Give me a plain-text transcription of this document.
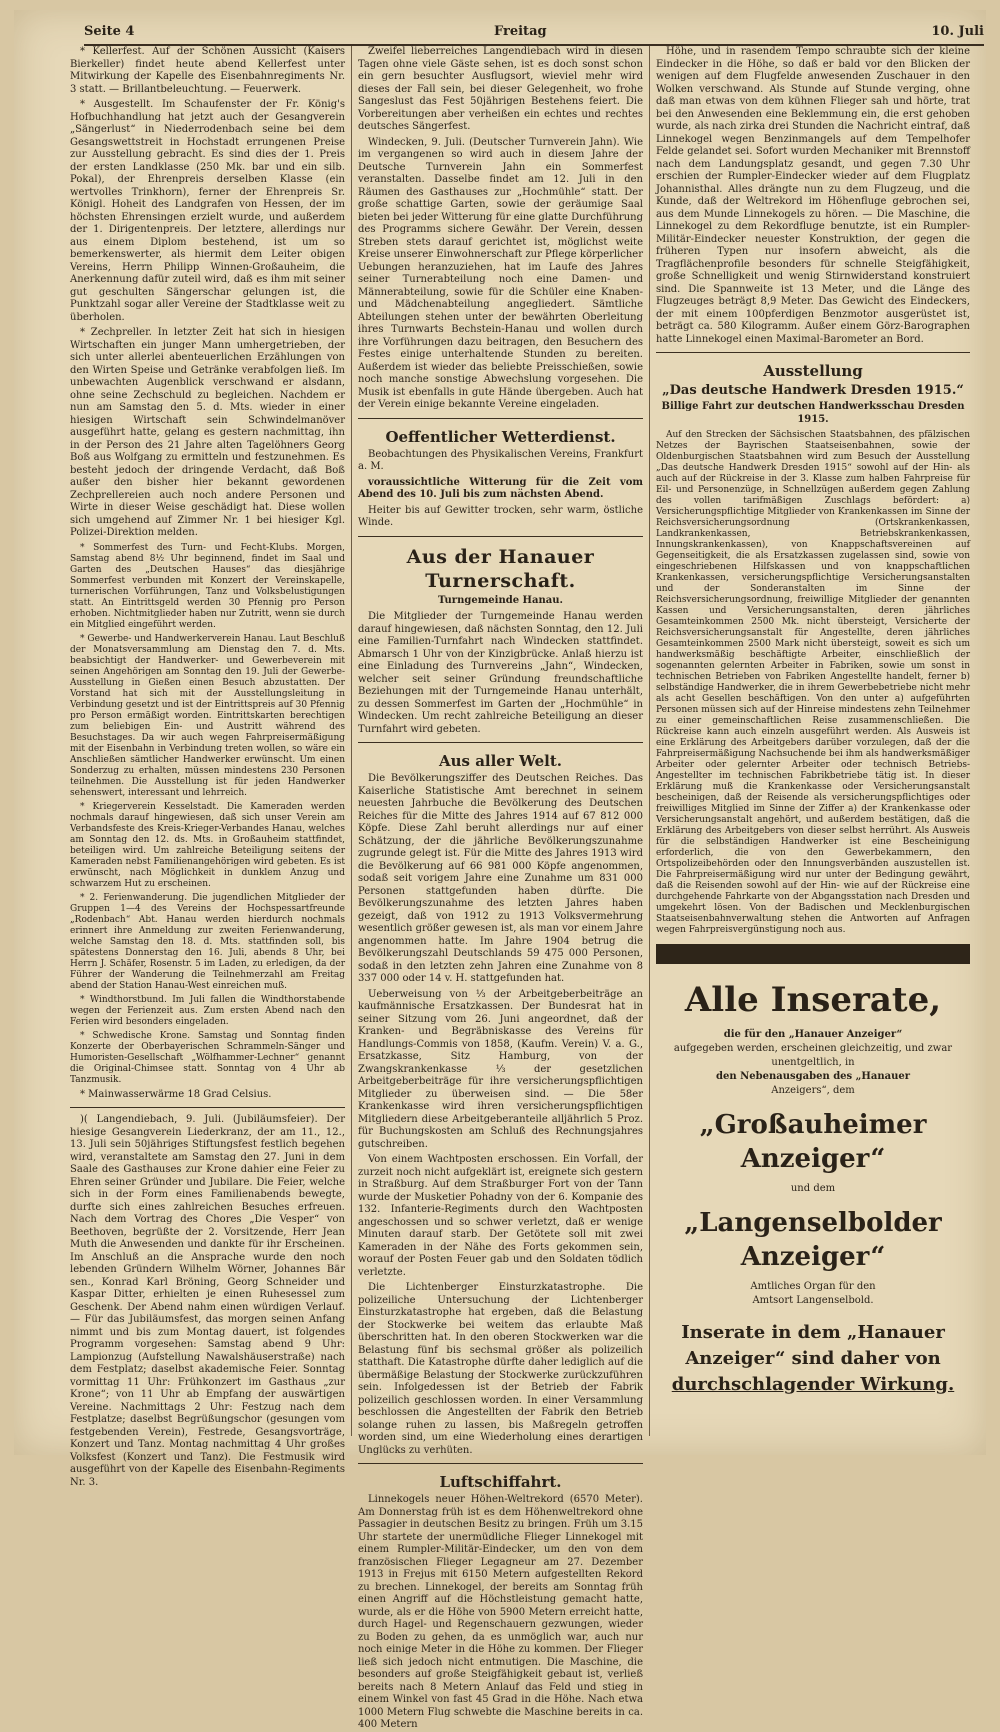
Seite 4	Freitag	10. Juli

* Kellerfest. Auf der Schönen Aussicht (Kaisers Bierkeller) findet heute abend Kellerfest unter Mitwirkung der Kapelle des Eisenbahnregiments Nr. 3 statt. — Brillantbeleuchtung. — Feuerwerk.

* Ausgestellt. Im Schaufenster der Fr. König's Hofbuchhandlung hat jetzt auch der Gesangverein „Sängerlust“ in Niederrodenbach seine bei dem Gesangswettstreit in Hochstadt errungenen Preise zur Ausstellung gebracht. Es sind dies der 1. Preis der ersten Landklasse (250 Mk. bar und ein silb. Pokal), der Ehrenpreis derselben Klasse (ein wertvolles Trinkhorn), ferner der Ehrenpreis Sr. Königl. Hoheit des Landgrafen von Hessen, der im höchsten Ehrensingen erzielt wurde, und außerdem der 1. Dirigentenpreis. Der letztere, allerdings nur aus einem Diplom bestehend, ist um so bemerkenswerter, als hiermit dem Leiter obigen Vereins, Herrn Philipp Winnen-Großauheim, die Anerkennung dafür zuteil wird, daß es ihm mit seiner gut geschulten Sängerschar gelungen ist, die Punktzahl sogar aller Vereine der Stadtklasse weit zu überholen.

* Zechpreller. In letzter Zeit hat sich in hiesigen Wirtschaften ein junger Mann umhergetrieben, der sich unter allerlei abenteuerlichen Erzählungen von den Wirten Speise und Getränke verabfolgen ließ. Im unbewachten Augenblick verschwand er alsdann, ohne seine Zechschuld zu begleichen. Nachdem er nun am Samstag den 5. d. Mts. wieder in einer hiesigen Wirtschaft sein Schwindelmanöver ausgeführt hatte, gelang es gestern nachmittag, ihn in der Person des 21 Jahre alten Tagelöhners Georg Boß aus Wolfgang zu ermitteln und festzunehmen. Es besteht jedoch der dringende Verdacht, daß Boß außer den bisher hier bekannt gewordenen Zechprellereien auch noch andere Personen und Wirte in dieser Weise geschädigt hat. Diese wollen sich umgehend auf Zimmer Nr. 1 bei hiesiger Kgl. Polizei-Direktion melden.

* Sommerfest des Turn- und Fecht-Klubs. Morgen, Samstag abend 8½ Uhr beginnend, findet im Saal und Garten des „Deutschen Hauses“ das diesjährige Sommerfest verbunden mit Konzert der Vereinskapelle, turnerischen Vorführungen, Tanz und Volksbelustigungen statt. An Eintrittsgeld werden 30 Pfennig pro Person erhoben. Nichtmitglieder haben nur Zutritt, wenn sie durch ein Mitglied eingeführt werden.

* Gewerbe- und Handwerkerverein Hanau. Laut Beschluß der Monatsversammlung am Dienstag den 7. d. Mts. beabsichtigt der Handwerker- und Gewerbeverein mit seinen Angehörigen am Sonntag den 19. Juli der Gewerbe-Ausstellung in Gießen einen Besuch abzustatten. Der Vorstand hat sich mit der Ausstellungsleitung in Verbindung gesetzt und ist der Eintrittspreis auf 30 Pfennig pro Person ermäßigt worden. Eintrittskarten berechtigen zum beliebigen Ein- und Austritt während des Besuchstages. Da wir auch wegen Fahrpreisermäßigung mit der Eisenbahn in Verbindung treten wollen, so wäre ein Anschließen sämtlicher Handwerker erwünscht. Um einen Sonderzug zu erhalten, müssen mindestens 230 Personen teilnehmen. Die Ausstellung ist für jeden Handwerker sehenswert, interessant und lehrreich.

* Kriegerverein Kesselstadt. Die Kameraden werden nochmals darauf hingewiesen, daß sich unser Verein am Verbandsfeste des Kreis-Krieger-Verbandes Hanau, welches am Sonntag den 12. ds. Mts. in Großauheim stattfindet, beteiligen wird. Um zahlreiche Beteiligung seitens der Kameraden nebst Familienangehörigen wird gebeten. Es ist erwünscht, nach Möglichkeit in dunklem Anzug und schwarzem Hut zu erscheinen.

* 2. Ferienwanderung. Die jugendlichen Mitglieder der Gruppen 1—4 des Vereins der Hochspessartfreunde „Rodenbach“ Abt. Hanau werden hierdurch nochmals erinnert ihre Anmeldung zur zweiten Ferienwanderung, welche Samstag den 18. d. Mts. stattfinden soll, bis spätestens Donnerstag den 16. Juli, abends 8 Uhr, bei Herrn J. Schäfer, Rosenstr. 5 im Laden, zu erledigen, da der Führer der Wanderung die Teilnehmerzahl am Freitag abend der Station Hanau-West einreichen muß.

* Windthorstbund. Im Juli fallen die Windthorstabende wegen der Ferienzeit aus. Zum ersten Abend nach den Ferien wird besonders eingeladen.

* Schwedische Krone. Samstag und Sonntag finden Konzerte der Oberbayerischen Schrammeln-Sänger und Humoristen-Gesellschaft „Wölfhammer-Lechner“ genannt die Original-Chimsee statt. Sonntag von 4 Uhr ab Tanzmusik.

* Mainwasserwärme 18 Grad Celsius.

)( Langendiebach, 9. Juli. (Jubiläumsfeier). Der hiesige Gesangverein Liederkranz, der am 11., 12., 13. Juli sein 50jähriges Stiftungsfest festlich begehen wird, veranstaltete am Samstag den 27. Juni in dem Saale des Gasthauses zur Krone dahier eine Feier zu Ehren seiner Gründer und Jubilare. Die Feier, welche sich in der Form eines Familienabends bewegte, durfte sich eines zahlreichen Besuches erfreuen. Nach dem Vortrag des Chores „Die Vesper“ von Beethoven, begrüßte der 2. Vorsitzende, Herr Jean Muth die Anwesenden und dankte für ihr Erscheinen. Im Anschluß an die Ansprache wurde den noch lebenden Gründern Wilhelm Wörner, Johannes Bär sen., Konrad Karl Bröning, Georg Schneider und Kaspar Ditter, erhielten je einen Ruhesessel zum Geschenk. Der Abend nahm einen würdigen Verlauf. — Für das Jubiläumsfest, das morgen seinen Anfang nimmt und bis zum Montag dauert, ist folgendes Programm vorgesehen: Samstag abend 9 Uhr: Lampionzug (Aufstellung Nawalshäuserstraße) nach dem Festplatz; daselbst akademische Feier. Sonntag vormittag 11 Uhr: Frühkonzert im Gasthaus „zur Krone“; von 11 Uhr ab Empfang der auswärtigen Vereine. Nachmittags 2 Uhr: Festzug nach dem Festplatze; daselbst Begrüßungschor (gesungen vom festgebenden Verein), Festrede, Gesangsvorträge, Konzert und Tanz. Montag nachmittag 4 Uhr großes Volksfest (Konzert und Tanz). Die Festmusik wird ausgeführt von der Kapelle des Eisenbahn-Regiments Nr. 3.

Zweifel lieberreiches Langendiebach wird in diesen Tagen ohne viele Gäste sehen, ist es doch sonst schon ein gern besuchter Ausflugsort, wieviel mehr wird dieses der Fall sein, bei dieser Gelegenheit, wo frohe Sangeslust das Fest 50jährigen Bestehens feiert. Die Vorbereitungen aber verheißen ein echtes und rechtes deutsches Sängerfest.

Windecken, 9. Juli. (Deutscher Turnverein Jahn). Wie im vergangenen so wird auch in diesem Jahre der Deutsche Turnverein Jahn ein Sommerfest veranstalten. Dasselbe findet am 12. Juli in den Räumen des Gasthauses zur „Hochmühle“ statt. Der große schattige Garten, sowie der geräumige Saal bieten bei jeder Witterung für eine glatte Durchführung des Programms sichere Gewähr. Der Verein, dessen Streben stets darauf gerichtet ist, möglichst weite Kreise unserer Einwohnerschaft zur Pflege körperlicher Uebungen heranzuziehen, hat im Laufe des Jahres seiner Turnerabteilung noch eine Damen- und Männerabteilung, sowie für die Schüler eine Knaben- und Mädchenabteilung angegliedert. Sämtliche Abteilungen stehen unter der bewährten Oberleitung ihres Turnwarts Bechstein-Hanau und wollen durch ihre Vorführungen dazu beitragen, den Besuchern des Festes einige unterhaltende Stunden zu bereiten. Außerdem ist wieder das beliebte Preisschießen, sowie noch manche sonstige Abwechslung vorgesehen. Die Musik ist ebenfalls in gute Hände übergeben. Auch hat der Verein einige bekannte Vereine eingeladen.

Oeffentlicher Wetterdienst.

Beobachtungen des Physikalischen Vereins, Frankfurt a. M.

voraussichtliche Witterung für die Zeit vom Abend des 10. Juli bis zum nächsten Abend.

Heiter bis auf Gewitter trocken, sehr warm, östliche Winde.

Aus der Hanauer Turnerschaft.
Turngemeinde Hanau.

Die Mitglieder der Turngemeinde Hanau werden darauf hingewiesen, daß nächsten Sonntag, den 12. Juli eine Familien-Turnfahrt nach Windecken stattfindet. Abmarsch 1 Uhr von der Kinzigbrücke. Anlaß hierzu ist eine Einladung des Turnvereins „Jahn“, Windecken, welcher seit seiner Gründung freundschaftliche Beziehungen mit der Turngemeinde Hanau unterhält, zu dessen Sommerfest im Garten der „Hochmühle“ in Windecken. Um recht zahlreiche Beteiligung an dieser Turnfahrt wird gebeten.

Aus aller Welt.

Die Bevölkerungsziffer des Deutschen Reiches. Das Kaiserliche Statistische Amt berechnet in seinem neuesten Jahrbuche die Bevölkerung des Deutschen Reiches für die Mitte des Jahres 1914 auf 67 812 000 Köpfe. Diese Zahl beruht allerdings nur auf einer Schätzung, der die jährliche Bevölkerungszunahme zugrunde gelegt ist. Für die Mitte des Jahres 1913 wird die Bevölkerung auf 66 981 000 Köpfe angenommen, sodaß seit vorigem Jahre eine Zunahme um 831 000 Personen stattgefunden haben dürfte. Die Bevölkerungszunahme des letzten Jahres haben gezeigt, daß von 1912 zu 1913 Volksvermehrung wesentlich größer gewesen ist, als man vor einem Jahre angenommen hatte. Im Jahre 1904 betrug die Bevölkerungszahl Deutschlands 59 475 000 Personen, sodaß in den letzten zehn Jahren eine Zunahme von 8 337 000 oder 14 v. H. stattgefunden hat.

Ueberweisung von ⅓ der Arbeitgeberbeiträge an kaufmännische Ersatzkassen. Der Bundesrat hat in seiner Sitzung vom 26. Juni angeordnet, daß der Kranken- und Begräbniskasse des Vereins für Handlungs-Commis von 1858, (Kaufm. Verein) V. a. G., Ersatzkasse, Sitz Hamburg, von der Zwangskrankenkasse ⅓ der gesetzlichen Arbeitgeberbeiträge für ihre versicherungspflichtigen Mitglieder zu überweisen sind. — Die 58er Krankenkasse wird ihren versicherungspflichtigen Mitgliedern diese Arbeitgeberanteile alljährlich 5 Proz. für Buchungskosten am Schluß des Rechnungsjahres gutschreiben.

Von einem Wachtposten erschossen. Ein Vorfall, der zurzeit noch nicht aufgeklärt ist, ereignete sich gestern in Straßburg. Auf dem Straßburger Fort von der Tann wurde der Musketier Pohadny von der 6. Kompanie des 132. Infanterie-Regiments durch den Wachtposten angeschossen und so schwer verletzt, daß er wenige Minuten darauf starb. Der Getötete soll mit zwei Kameraden in der Nähe des Forts gekommen sein, worauf der Posten Feuer gab und den Soldaten tödlich verletzte.

Die Lichtenberger Einsturzkatastrophe. Die polizeiliche Untersuchung der Lichtenberger Einsturzkatastrophe hat ergeben, daß die Belastung der Stockwerke bei weitem das erlaubte Maß überschritten hat. In den oberen Stockwerken war die Belastung fünf bis sechsmal größer als polizeilich statthaft. Die Katastrophe dürfte daher lediglich auf die übermäßige Belastung der Stockwerke zurückzuführen sein. Infolgedessen ist der Betrieb der Fabrik polizeilich geschlossen worden. In einer Versammlung beschlossen die Angestellten der Fabrik den Betrieb solange ruhen zu lassen, bis Maßregeln getroffen worden sind, um eine Wiederholung eines derartigen Unglücks zu verhüten.

Luftschiffahrt.

Linnekogels neuer Höhen-Weltrekord (6570 Meter). Am Donnerstag früh ist es dem Höhenweltrekord ohne Passagier in deutschen Besitz zu bringen. Früh um 3.15 Uhr startete der unermüdliche Flieger Linnekogel mit einem Rumpler-Militär-Eindecker, um den von dem französischen Flieger Legagneur am 27. Dezember 1913 in Frejus mit 6150 Metern aufgestellten Rekord zu brechen. Linnekogel, der bereits am Sonntag früh einen Angriff auf die Höchstleistung gemacht hatte, wurde, als er die Höhe von 5900 Metern erreicht hatte, durch Hagel- und Regenschauern gezwungen, wieder zu Boden zu gehen, da es unmöglich war, auch nur noch einige Meter in die Höhe zu kommen. Der Flieger ließ sich jedoch nicht entmutigen. Die Maschine, die besonders auf große Steigfähigkeit gebaut ist, verließ bereits nach 8 Metern Anlauf das Feld und stieg in einem Winkel von fast 45 Grad in die Höhe. Nach etwa 1000 Metern Flug schwebte die Maschine bereits in ca. 400 Metern

Höhe, und in rasendem Tempo schraubte sich der kleine Eindecker in die Höhe, so daß er bald vor den Blicken der wenigen auf dem Flugfelde anwesenden Zuschauer in den Wolken verschwand. Als Stunde auf Stunde verging, ohne daß man etwas von dem kühnen Flieger sah und hörte, trat bei den Anwesenden eine Beklemmung ein, die erst gehoben wurde, als nach zirka drei Stunden die Nachricht eintraf, daß Linnekogel wegen Benzinmangels auf dem Tempelhofer Felde gelandet sei. Sofort wurden Mechaniker mit Brennstoff nach dem Landungsplatz gesandt, und gegen 7.30 Uhr erschien der Rumpler-Eindecker wieder auf dem Flugplatz Johannisthal. Alles drängte nun zu dem Flugzeug, und die Kunde, daß der Weltrekord im Höhenfluge gebrochen sei, aus dem Munde Linnekogels zu hören. — Die Maschine, die Linnekogel zu dem Rekordfluge benutzte, ist ein Rumpler-Militär-Eindecker neuester Konstruktion, der gegen die früheren Typen nur insofern abweicht, als die Tragflächenprofile besonders für schnelle Steigfähigkeit, große Schnelligkeit und wenig Stirnwiderstand konstruiert sind. Die Spannweite ist 13 Meter, und die Länge des Flugzeuges beträgt 8,9 Meter. Das Gewicht des Eindeckers, der mit einem 100pferdigen Benzmotor ausgerüstet ist, beträgt ca. 580 Kilogramm. Außer einem Görz-Barographen hatte Linnekogel einen Maximal-Barometer an Bord.

Ausstellung
„Das deutsche Handwerk Dresden 1915.“
Billige Fahrt zur deutschen Handwerksschau Dresden 1915.

Auf den Strecken der Sächsischen Staatsbahnen, des pfälzischen Netzes der Bayrischen Staatseisenbahnen, sowie der Oldenburgischen Staatsbahnen wird zum Besuch der Ausstellung „Das deutsche Handwerk Dresden 1915“ sowohl auf der Hin- als auch auf der Rückreise in der 3. Klasse zum halben Fahrpreise für Eil- und Personenzüge, in Schnellzügen außerdem gegen Zahlung des vollen tarifmäßigen Zuschlags befördert: a) Versicherungspflichtige Mitglieder von Krankenkassen im Sinne der Reichsversicherungsordnung (Ortskrankenkassen, Landkrankenkassen, Betriebskrankenkassen, Innungskrankenkassen), von Knappschaftsvereinen auf Gegenseitigkeit, die als Ersatzkassen zugelassen sind, sowie von eingeschriebenen Hilfskassen und von knappschaftlichen Krankenkassen, versicherungspflichtige Versicherungsanstalten und der Sonderanstalten im Sinne der Reichsversicherungsordnung, freiwillige Mitglieder der genannten Kassen und Versicherungsanstalten, deren jährliches Gesamteinkommen 2500 Mk. nicht übersteigt, Versicherte der Reichsversicherungsanstalt für Angestellte, deren jährliches Gesamteinkommen 2500 Mark nicht übersteigt, soweit es sich um handwerksmäßig beschäftigte Arbeiter, einschließlich der sogenannten gelernten Arbeiter in Fabriken, sowie um sonst in technischen Betrieben von Fabriken Angestellte handelt, ferner b) selbständige Handwerker, die in ihrem Gewerbebetriebe nicht mehr als acht Gesellen beschäftigen. Von den unter a) aufgeführten Personen müssen sich auf der Hinreise mindestens zehn Teilnehmer zu einer gemeinschaftlichen Reise zusammenschließen. Die Rückreise kann auch einzeln ausgeführt werden. Als Ausweis ist eine Erklärung des Arbeitgebers darüber vorzulegen, daß der die Fahrpreisermäßigung Nachsuchende bei ihm als handwerksmäßiger Arbeiter oder gelernter Arbeiter oder technisch Betriebs-Angestellter im technischen Fabrikbetriebe tätig ist. In dieser Erklärung muß die Krankenkasse oder Versicherungsanstalt bescheinigen, daß der Reisende als versicherungspflichtiges oder freiwilliges Mitglied im Sinne der Ziffer a) der Krankenkasse oder Versicherungsanstalt angehört, und außerdem bestätigen, daß die Erklärung des Arbeitgebers von dieser selbst herrührt. Als Ausweis für die selbständigen Handwerker ist eine Bescheinigung erforderlich, die von den Gewerbekammern, den Ortspolizeibehörden oder den Innungsverbänden auszustellen ist. Die Fahrpreisermäßigung wird nur unter der Bedingung gewährt, daß die Reisenden sowohl auf der Hin- wie auf der Rückreise eine durchgehende Fahrkarte von der Abgangsstation nach Dresden und umgekehrt lösen. Von der Badischen und Mecklenburgischen Staatseisenbahnverwaltung stehen die Antworten auf Anfragen wegen Fahrpreisvergünstigung noch aus.

Alle Inserate,
die für den „Hanauer Anzeiger“
aufgegeben werden, erscheinen gleichzeitig, und zwar unentgeltlich, in
den Nebenausgaben des „Hanauer
Anzeigers“, dem
„Großauheimer Anzeiger“
und dem
„Langenselbolder Anzeiger“
Amtliches Organ für den
Amtsort Langenselbold.
Inserate in dem „Hanauer
Anzeiger“ sind daher von
durchschlagender Wirkung.
